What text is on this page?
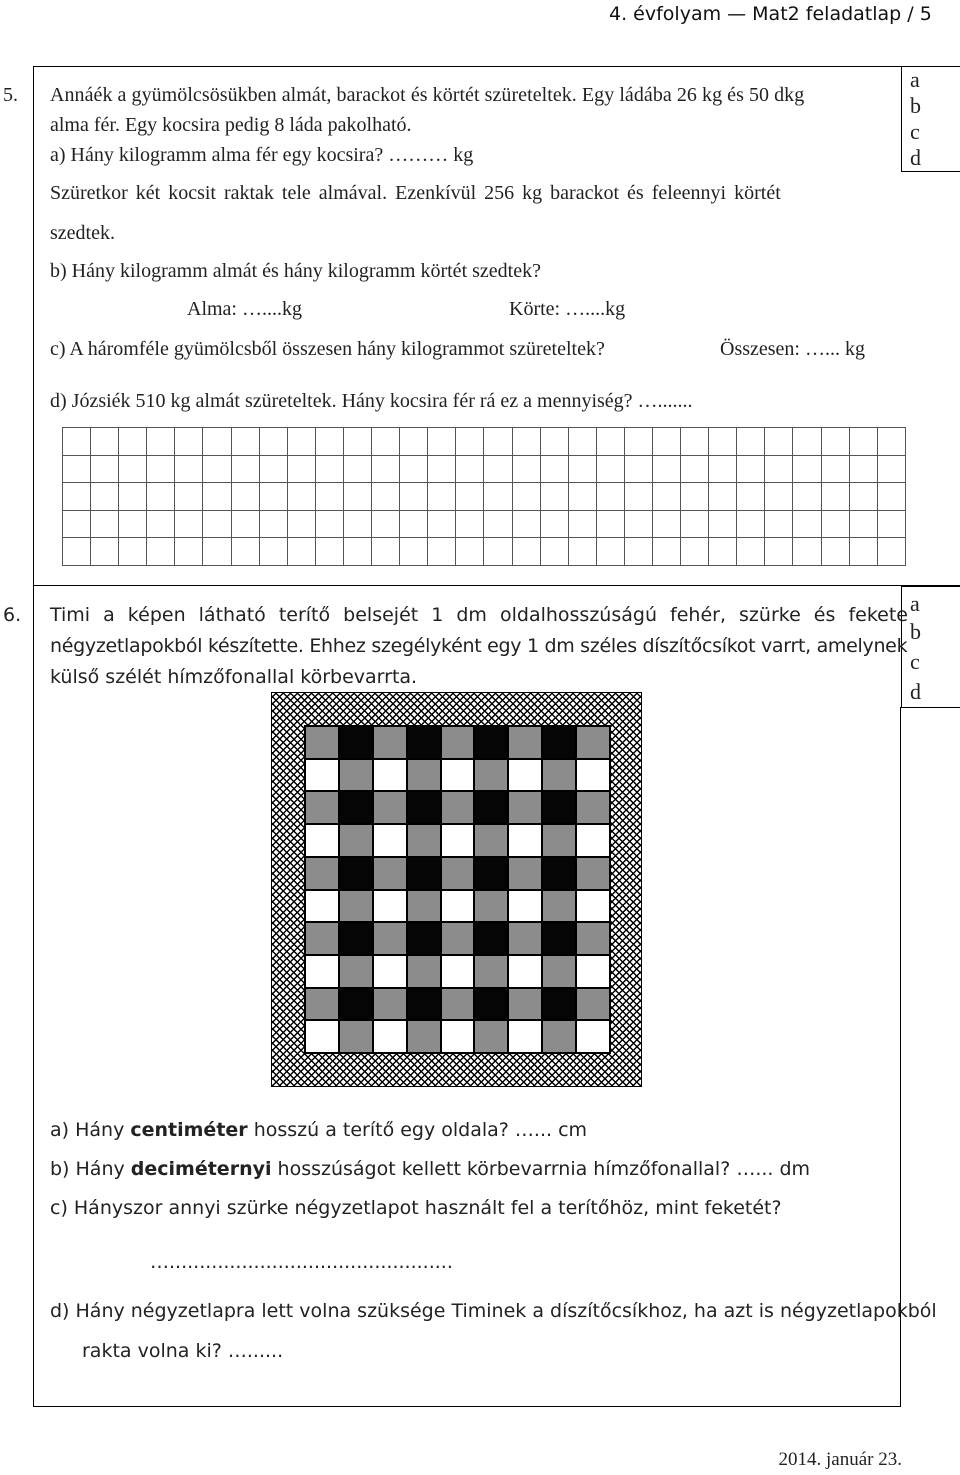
4. évfolyam — Mat2 feladatlap / 5
a
b
c
d
5. Annáék a gyümölcsösükben almát, barackot és körtét szüreteltek. Egy ládába 26 kg és 50 dkg
alma fér. Egy kocsira pedig 8 láda pakolható.
a) Hány kilogramm alma fér egy kocsira? ……… kg
Szüretkor két kocsit raktak tele almával. Ezenkívül 256 kg barackot és feleennyi körtét
szedtek.
b) Hány kilogramm almát és hány kilogramm körtét szedtek?
Alma: …....kg	Körte: …....kg
c) A háromféle gyümölcsből összesen hány kilogrammot szüreteltek?	Összesen: …... kg
d) Józsiék 510 kg almát szüreteltek. Hány kocsira fér rá ez a mennyiség? ….......

a
b
c
d
6. Timi a képen látható terítő belsejét 1 dm oldalhosszúságú fehér, szürke és fekete
négyzetlapokból készítette. Ehhez szegélyként egy 1 dm széles díszítőcsíkot varrt, amelynek
külső szélét hímzőfonallal körbevarrta.
a) Hány centiméter hosszú a terítő egy oldala? …... cm
b) Hány deciméternyi hosszúságot kellett körbevarrnia hímzőfonallal? …... dm
c) Hányszor annyi szürke négyzetlapot használt fel a terítőhöz, mint feketét?
…...............................................
d) Hány négyzetlapra lett volna szüksége Timinek a díszítőcsíkhoz, ha azt is négyzetlapokból
rakta volna ki? …......
2014. január 23.
